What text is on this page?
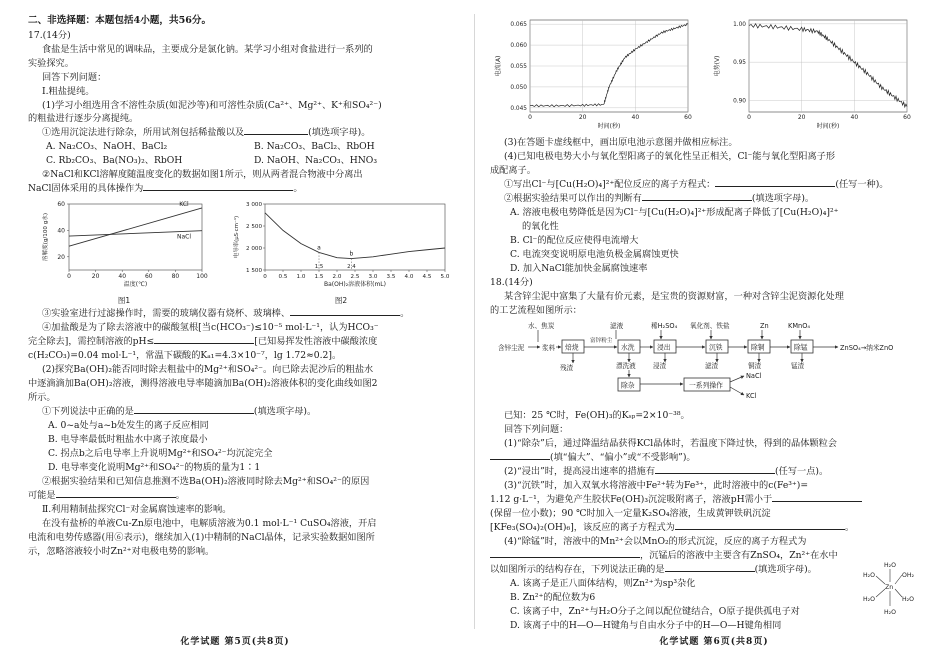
二、非选择题：本题包括4小题，共56分。

17.(14分)

食盐是生活中常见的调味品，主要成分是氯化钠。某学习小组对食盐进行一系列的

实验探究。

回答下列问题：

Ⅰ.粗盐提纯。

(1)学习小组选用含不溶性杂质(如泥沙等)和可溶性杂质(Ca²⁺、Mg²⁺、K⁺和SO₄²⁻)

的粗盐进行逐步分离提纯。

①选用沉淀法进行除杂，所用试剂包括稀盐酸以及	(填选项字母)。

A. Na₂CO₃、NaOH、BaCl₂	B. Na₂CO₃、BaCl₂、RbOH
C. Rb₂CO₃、Ba(NO₃)₂、RbOH	D. NaOH、Na₂CO₃、HNO₃

②NaCl和KCl溶解度随温度变化的数据如图1所示，则从两者混合物液中分离出

NaCl固体采用的具体操作为	。

0	20	40	60	80	100
20
40
60	KCl
NaCl
溶解度(g/100 g水)
温度(℃)
图1
0 0.5 1.0 1.5 2.0 2.5 3.0 3.5 4.0 4.5 5.0
1 500
2 000
2 500
3 000
a
1.5
b
2.4
电导率(μS·cm⁻¹)
Ba(OH)₂溶液体积(mL)
图2

③实验室进行过滤操作时，需要的玻璃仪器有烧杯、玻璃棒、	。

④加盐酸是为了除去溶液中的碳酸氢根[当c(HCO₃⁻)≤10⁻⁵ mol·L⁻¹，认为HCO₃⁻

完全除去]，需控制溶液的pH≤	[已知易挥发性溶液中碳酸浓度

c(H₂CO₃)=0.04 mol·L⁻¹，常温下碳酸的Kₐ₁=4.3×10⁻⁷，lg 1.72≈0.2]。

(2)探究Ba(OH)₂能否同时除去粗盐中的Mg²⁺和SO₄²⁻。向已除去泥沙后的粗盐水

中逐滴滴加Ba(OH)₂溶液，测得溶液电导率随滴加Ba(OH)₂溶液体积的变化曲线如图2

所示。

①下列说法中正确的是	(填选项字母)。

A. 0~a处与a~b处发生的离子反应相同

B. 电导率最低时粗盐水中离子浓度最小

C. 拐点b之后电导率上升说明Mg²⁺和SO₄²⁻均沉淀完全

D. 电导率变化说明Mg²⁺和SO₄²⁻的物质的量为1∶1

②根据实验结果和已知信息推测不选Ba(OH)₂溶液同时除去Mg²⁺和SO₄²⁻的原因

可能是	。

Ⅱ.利用精制盐探究Cl⁻对金属腐蚀速率的影响。

在没有盐桥的单液Cu-Zn原电池中，电解质溶液为0.1 mol·L⁻¹ CuSO₄溶液，开启

电流和电势传感器(用⑥表示)，继续加入(1)中精制的NaCl晶体，记录实验数据如图所

示，忽略溶液较小时Zn²⁺对电极电势的影响。

化学试题 第5页(共8页)
0	20	40	60
0.045
0.050
0.055
0.060
0.065
电流(A)
时间(秒)
0	20	40	60
0.90
0.95
1.00
电势(V)
时间(秒)

(3)在答题卡虚线框中，画出原电池示意图并做相应标注。

(4)已知电极电势大小与氧化型阳离子的氧化性呈正相关，Cl⁻能与氧化型阳离子形

成配离子。

①写出Cl⁻与[Cu(H₂O)₄]²⁺配位反应的离子方程式：	(任写一种)。

②根据实验结果可以作出的判断有	(填选项字母)。

A. 溶液电极电势降低是因为Cl⁻与[Cu(H₂O)₄]²⁺形成配离子降低了[Cu(H₂O)₄]²⁺

的氧化性

B. Cl⁻的配位反应使得电流增大

C. 电流突变说明原电池负极金属腐蚀更快

D. 加入NaCl能加快金属腐蚀速率

18.(14分)

某含锌尘泥中富集了大量有价元素，是宝贵的资源财富，一种对含锌尘泥资源化处理

的工艺流程如图所示：

水、焦炭	滤液	稀H₂SO₄ 氧化剂、铁盐	Zn	KMnO₄
含锌尘泥	浆料
富锌粉尘
ZnSO₄→纳米ZnO
焙烧	水洗	浸出	沉铁	除铜	除锰
除杂	一系列操作
残渣	漂洗液	浸渣	滤渣	铜渣	锰渣
NaCl
KCl

已知：25 ℃时，Fe(OH)₃的Kₛₚ=2×10⁻³⁸。

回答下列问题：

(1)“除杂”后，通过降温结晶获得KCl晶体时，若温度下降过快，得到的晶体颗粒会

(填“偏大”、“偏小”或“不受影响”)。

(2)“浸出”时，提高浸出速率的措施有	(任写一点)。

(3)“沉铁”时，加入双氧水将溶液中Fe²⁺转为Fe³⁺，此时溶液中的c(Fe³⁺)=

1.12 g·L⁻¹，为避免产生胶状Fe(OH)₃沉淀吸附离子，溶液pH需小于

(保留一位小数)；90 ℃时加入一定量K₂SO₄溶液，生成黄钾铁矾沉淀

[KFe₃(SO₄)₂(OH)₆]，该反应的离子方程式为	。

(4)“除锰”时，溶液中的Mn²⁺会以MnO₂的形式沉淀，反应的离子方程式为

，沉锰后的溶液中主要含有ZnSO₄，Zn²⁺在水中

以如图所示的结构存在，下列说法正确的是	(填选项字母)。

A. 该离子是正八面体结构，则Zn²⁺为sp³杂化

B. Zn²⁺的配位数为6

C. 该离子中，Zn²⁺与H₂O分子之间以配位键结合，O原子提供孤电子对

D. 该离子中的H—O—H键角与自由水分子中的H—O—H键角相同

Zn
H₂O
H₂O	OH₂
H₂O	H₂O
H₂O
化学试题 第6页(共8页)
